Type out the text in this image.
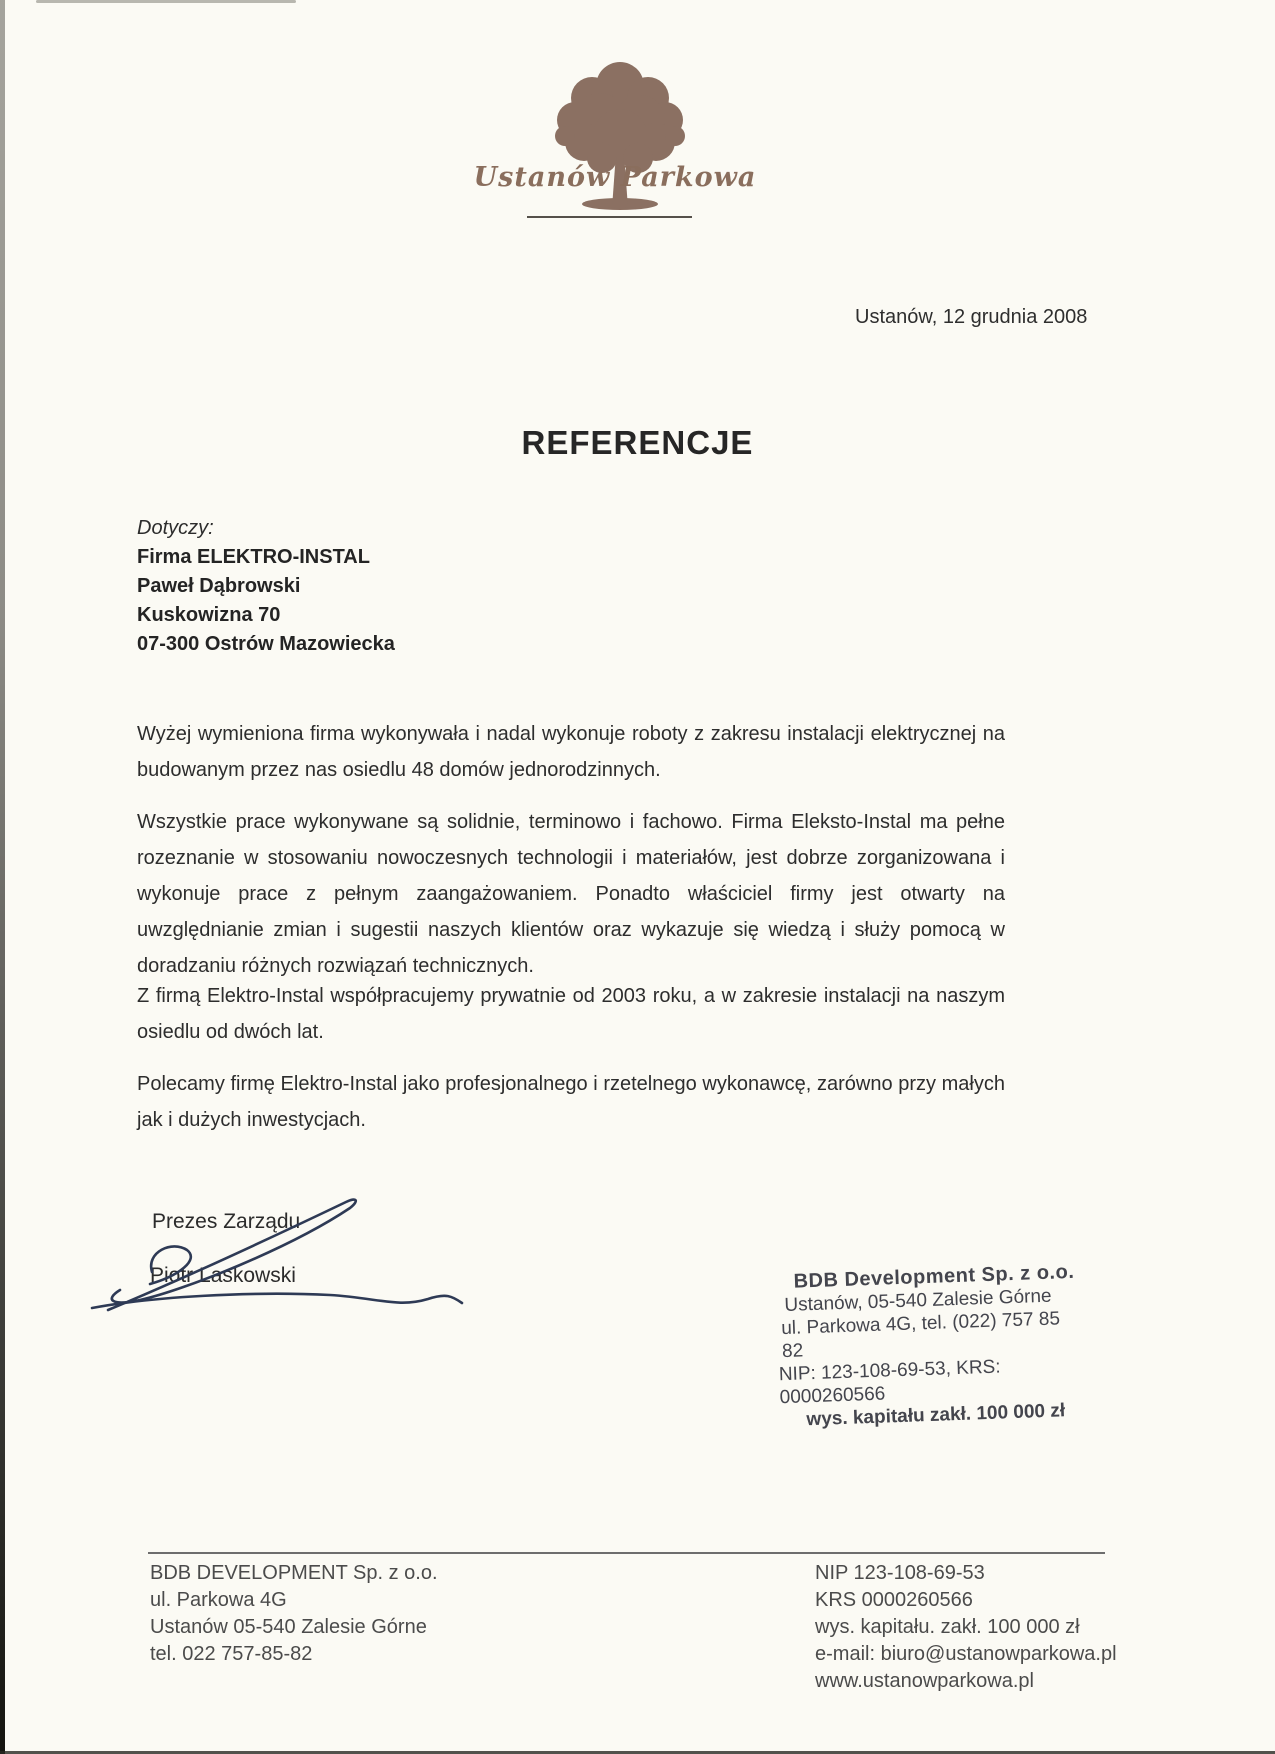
Ustanów Parkowa
Ustanów, 12 grudnia 2008
REFERENCJE
Dotyczy:
Firma ELEKTRO-INSTAL
Paweł Dąbrowski
Kuskowizna 70
07-300 Ostrów Mazowiecka

Wyżej wymieniona firma wykonywała i nadal wykonuje roboty z zakresu instalacji elektrycznej na budowanym przez nas osiedlu 48 domów jednorodzinnych.

Wszystkie prace wykonywane są solidnie, terminowo i fachowo. Firma Eleksto-Instal ma pełne rozeznanie w stosowaniu nowoczesnych technologii i materiałów, jest dobrze zorganizowana i wykonuje prace z pełnym zaangażowaniem. Ponadto właściciel firmy jest otwarty na uwzględnianie zmian i sugestii naszych klientów oraz wykazuje się wiedzą i służy pomocą w doradzaniu różnych rozwiązań technicznych.

Z firmą Elektro-Instal współpracujemy prywatnie od 2003 roku, a w zakresie instalacji na naszym osiedlu od dwóch lat.

Polecamy firmę Elektro-Instal jako profesjonalnego i rzetelnego wykonawcę, zarówno przy małych jak i dużych inwestycjach.

Prezes Zarządu
Piotr Laskowski	BDB Development Sp. z o.o.
Ustanów, 05-540 Zalesie Górne
ul. Parkowa 4G, tel. (022) 757 85 82
NIP: 123-108-69-53, KRS: 0000260566
wys. kapitału zakł. 100 000 zł
BDB DEVELOPMENT Sp. z o.o.
ul. Parkowa 4G
Ustanów 05-540 Zalesie Górne
tel. 022 757-85-82
NIP 123-108-69-53
KRS 0000260566
wys. kapitału. zakł. 100 000 zł
e-mail: biuro@ustanowparkowa.pl
www.ustanowparkowa.pl
